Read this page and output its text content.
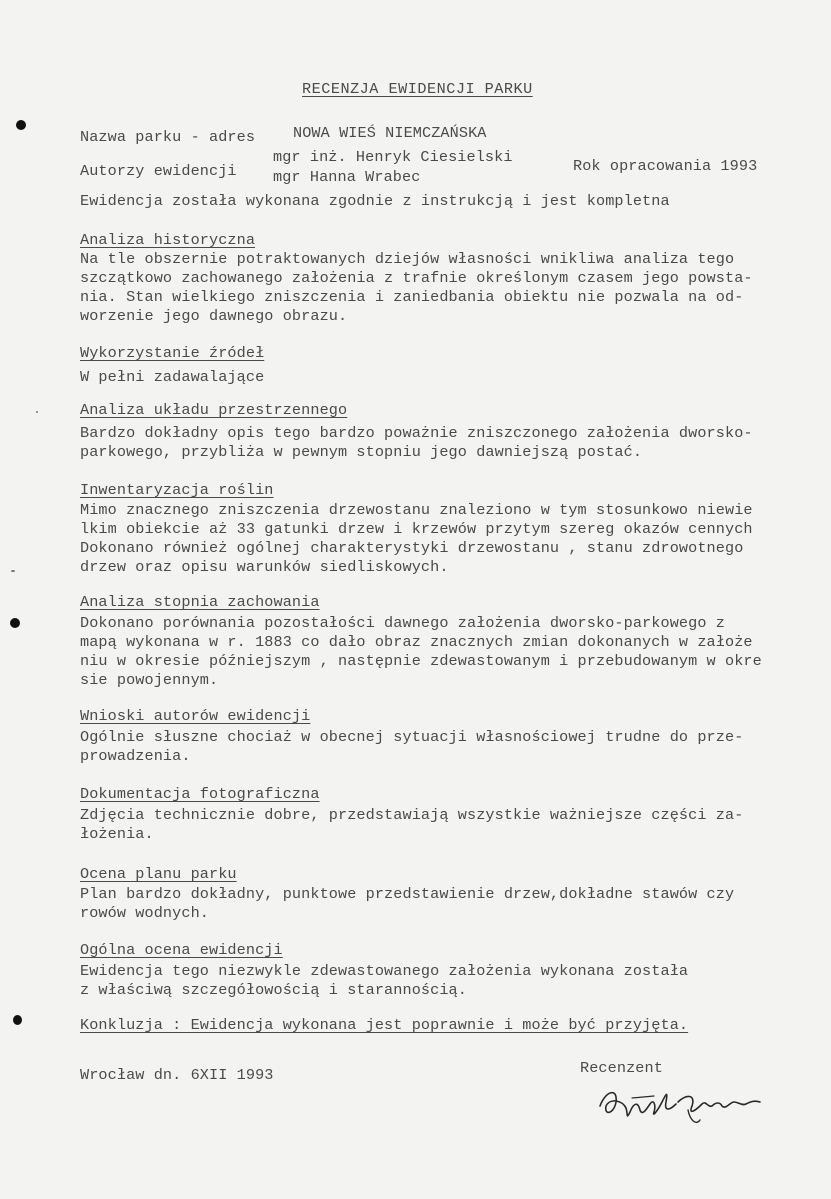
RECENZJA EWIDENCJI PARKU
Nazwa parku - adres NOWA WIEŚ NIEMCZAŃSKA
Autorzy ewidencji
mgr inż. Henryk Ciesielski
mgr Hanna Wrabec
Rok opracowania 1993
Ewidencja została wykonana zgodnie z instrukcją i jest kompletna
Analiza historyczna
Na tle obszernie potraktowanych dziejów własności wnikliwa analiza tego
szczątkowo zachowanego założenia z trafnie określonym czasem jego powsta-
nia. Stan wielkiego zniszczenia i zaniedbania obiektu nie pozwala na od-
worzenie jego dawnego obrazu.
Wykorzystanie źródeł
W pełni zadawalające
Analiza układu przestrzennego
Bardzo dokładny opis tego bardzo poważnie zniszczonego założenia dworsko-
parkowego, przybliża w pewnym stopniu jego dawniejszą postać.
Inwentaryzacja roślin
Mimo znacznego zniszczenia drzewostanu znaleziono w tym stosunkowo niewie
lkim obiekcie aż 33 gatunki drzew i krzewów przytym szereg okazów cennych
Dokonano również ogólnej charakterystyki drzewostanu , stanu zdrowotnego
drzew oraz opisu warunków siedliskowych.
Analiza stopnia zachowania
Dokonano porównania pozostałości dawnego założenia dworsko-parkowego z
mapą wykonana w r. 1883 co dało obraz znacznych zmian dokonanych w założe
niu w okresie późniejszym , następnie zdewastowanym i przebudowanym w okre
sie powojennym.
Wnioski autorów ewidencji
Ogólnie słuszne chociaż w obecnej sytuacji własnościowej trudne do prze-
prowadzenia.
Dokumentacja fotograficzna
Zdjęcia technicznie dobre, przedstawiają wszystkie ważniejsze części za-
łożenia.
Ocena planu parku
Plan bardzo dokładny, punktowe przedstawienie drzew,dokładne stawów czy
rowów wodnych.
Ogólna ocena ewidencji
Ewidencja tego niezwykle zdewastowanego założenia wykonana została
z właściwą szczegółowością i starannością.
Konkluzja : Ewidencja wykonana jest poprawnie i może być przyjęta.
Wrocław dn. 6XII 1993	Recenzent
